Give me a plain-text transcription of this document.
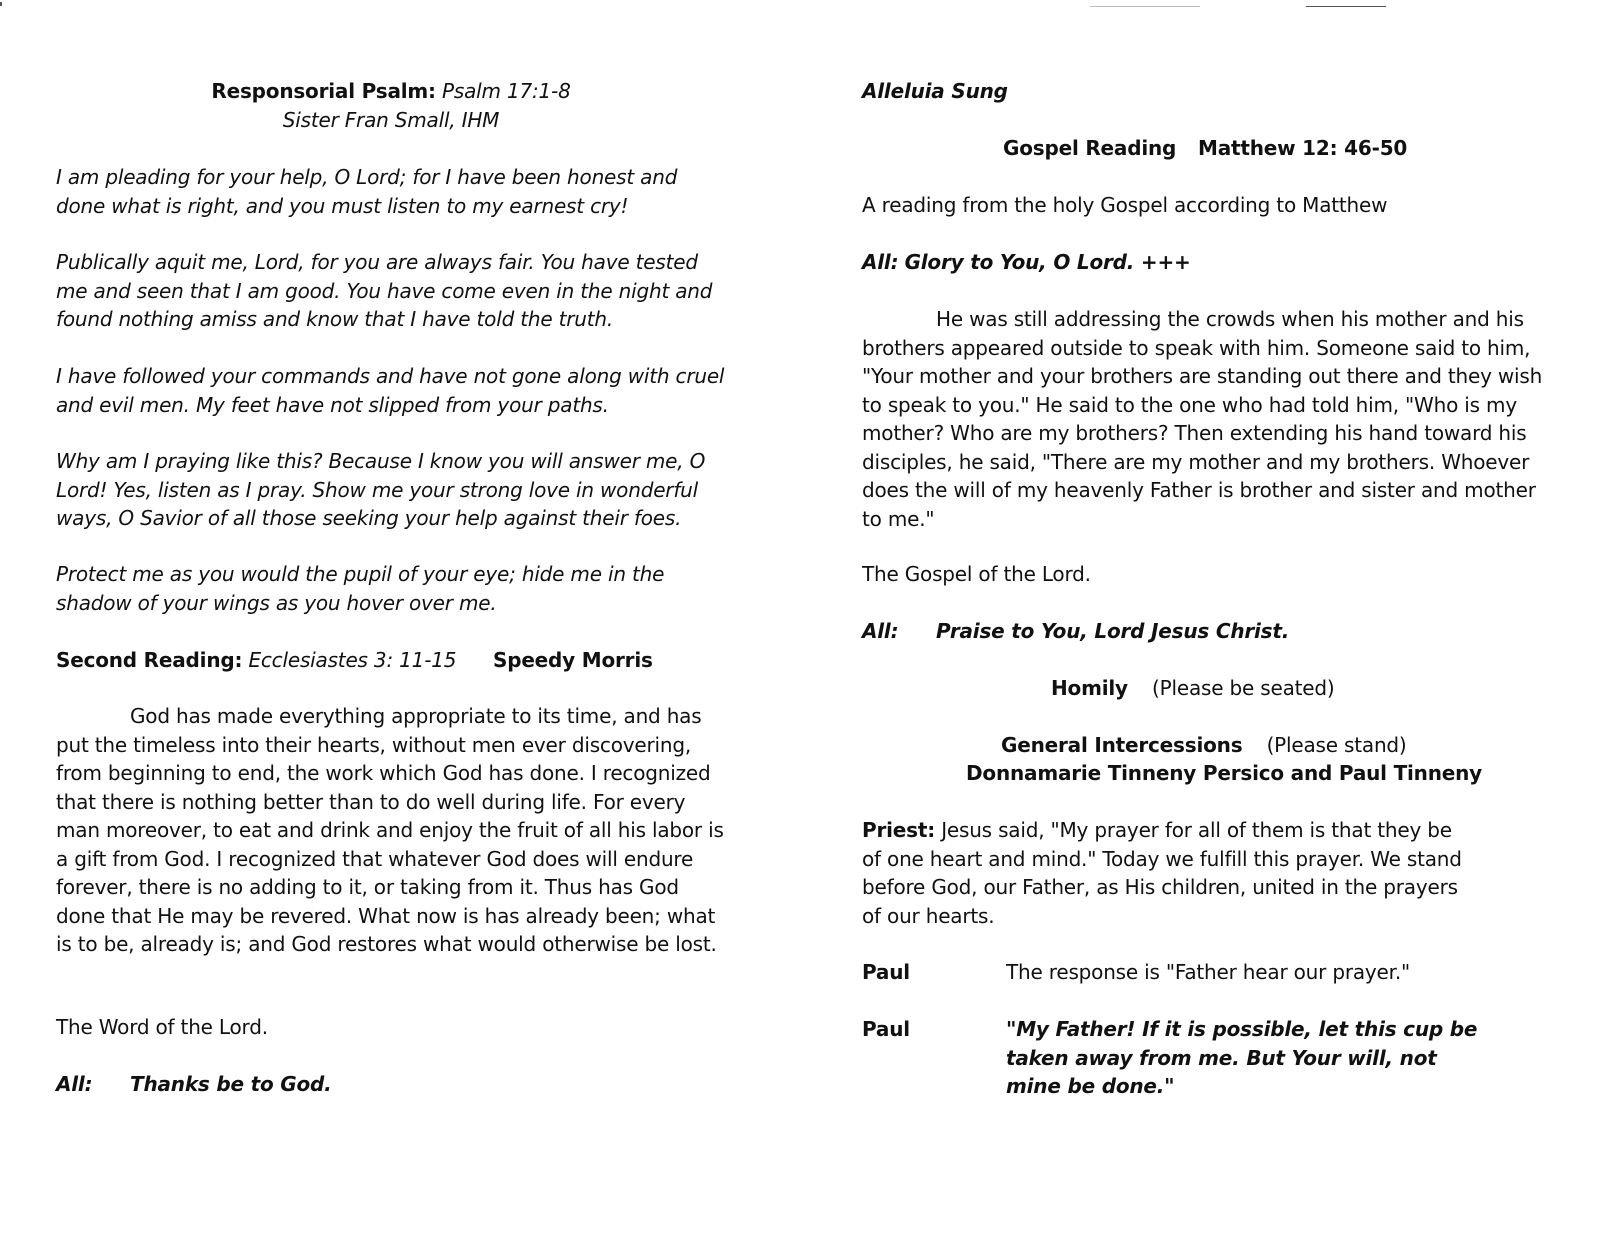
Responsorial Psalm: Psalm 17:1-8

Sister Fran Small, IHM

I am pleading for your help, O Lord; for I have been honest and done what is right, and you must listen to my earnest cry!

Publically aquit me, Lord, for you are always fair. You have tested me and seen that I am good. You have come even in the night and found nothing amiss and know that I have told the truth.

I have followed your commands and have not gone along with cruel and evil men. My feet have not slipped from your paths.

Why am I praying like this? Because I know you will answer me, O Lord! Yes, listen as I pray. Show me your strong love in wonderful ways, O Savior of all those seeking your help against their foes.

Protect me as you would the pupil of your eye; hide me in the shadow of your wings as you hover over me.

Second Reading: Ecclesiastes 3: 11-15 Speedy Morris

God has made everything appropriate to its time, and has put the timeless into their hearts, without men ever discovering, from beginning to end, the work which God has done. I recognized that there is nothing better than to do well during life. For every man moreover, to eat and drink and enjoy the fruit of all his labor is a gift from God. I recognized that whatever God does will endure forever, there is no adding to it, or taking from it. Thus has God done that He may be revered. What now is has already been; what is to be, already is; and God restores what would otherwise be lost.

The Word of the Lord.

All: Thanks be to God.

Alleluia Sung

Gospel Reading Matthew 12: 46-50

A reading from the holy Gospel according to Matthew

All: Glory to You, O Lord. +++

He was still addressing the crowds when his mother and his brothers appeared outside to speak with him. Someone said to him, "Your mother and your brothers are standing out there and they wish to speak to you." He said to the one who had told him, "Who is my mother? Who are my brothers? Then extending his hand toward his disciples, he said, "There are my mother and my brothers. Whoever does the will of my heavenly Father is brother and sister and mother to me."

The Gospel of the Lord.

All: Praise to You, Lord Jesus Christ.
Homily (Please be seated)
General Intercessions (Please stand)

Donnamarie Tinneny Persico and Paul Tinneny

Priest: Jesus said, "My prayer for all of them is that they be of one heart and mind." Today we fulfill this prayer. We stand before God, our Father, as His children, united in the prayers of our hearts.
Paul	The response is "Father hear our prayer."
Paul	"My Father! If it is possible, let this cup be taken away from me. But Your will, not mine be done."
